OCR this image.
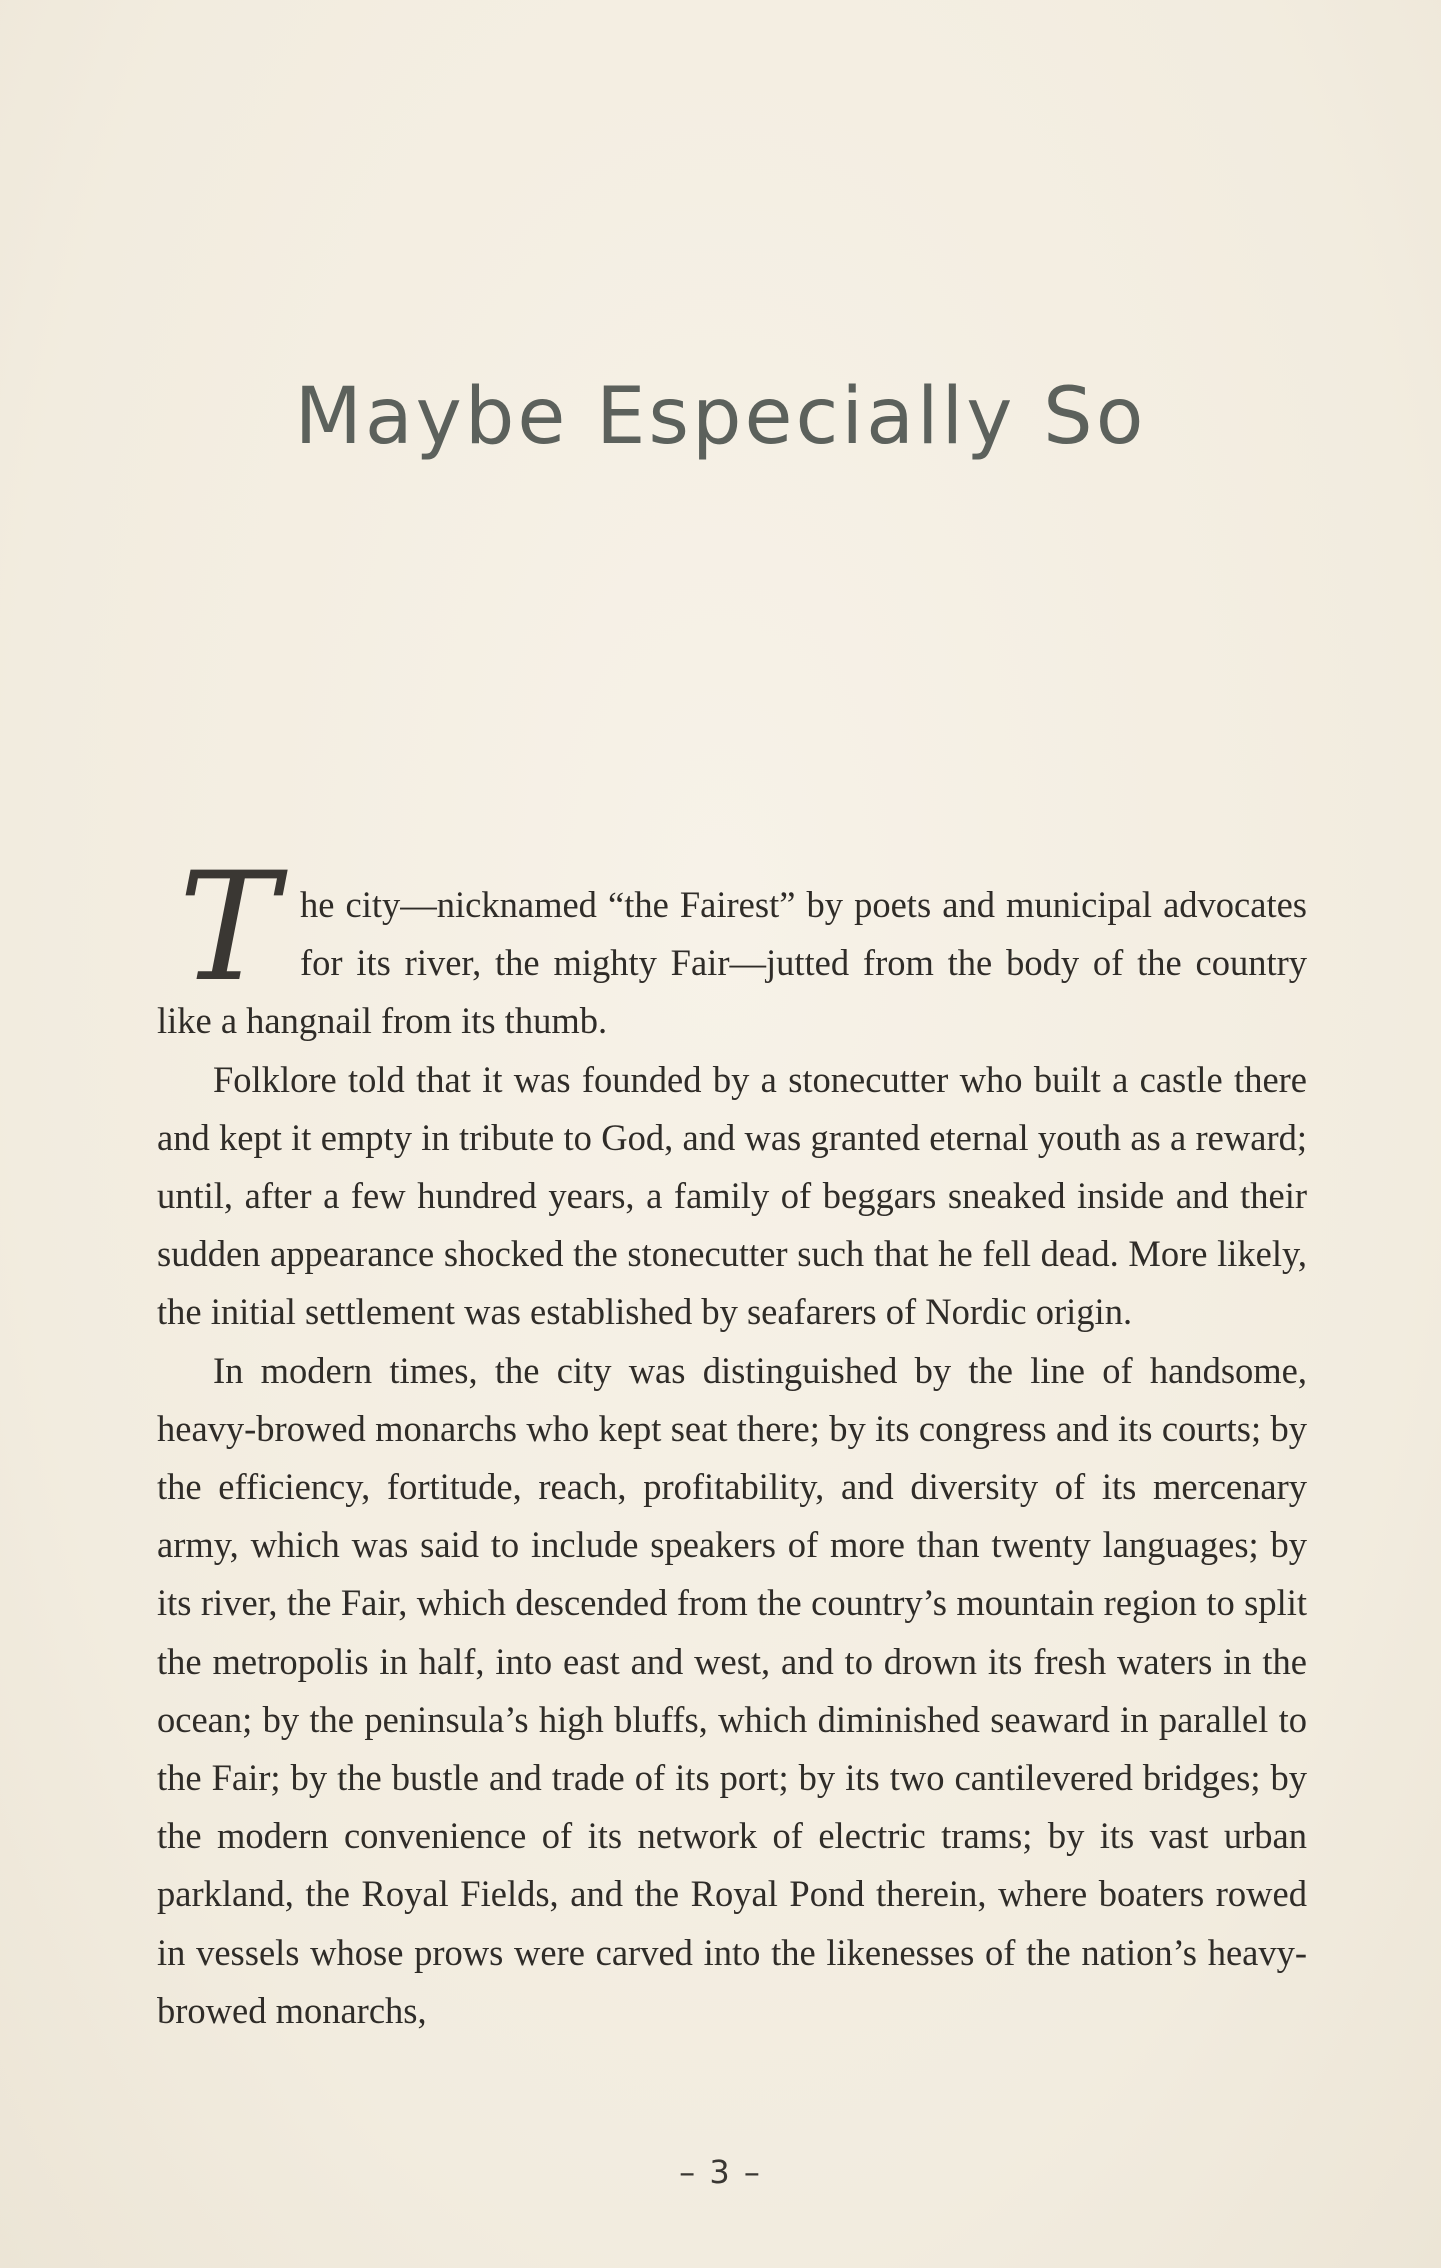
Maybe Especially So

The city—nicknamed “the Fairest” by poets and municipal advocates for its river, the mighty Fair—jutted from the body of the country like a hangnail from its thumb.

Folklore told that it was founded by a stonecutter who built a castle there and kept it empty in tribute to God, and was granted eternal youth as a reward; until, after a few hundred years, a family of beggars sneaked inside and their sudden appearance shocked the stonecutter such that he fell dead. More likely, the initial settlement was established by seafarers of Nordic origin.

In modern times, the city was distinguished by the line of handsome, heavy-browed monarchs who kept seat there; by its congress and its courts; by the efficiency, fortitude, reach, profitability, and diversity of its mercenary army, which was said to include speakers of more than twenty languages; by its river, the Fair, which descended from the country’s mountain region to split the metropolis in half, into east and west, and to drown its fresh waters in the ocean; by the peninsula’s high bluffs, which diminished seaward in parallel to the Fair; by the bustle and trade of its port; by its two cantilevered bridges; by the modern convenience of its network of electric trams; by its vast urban parkland, the Royal Fields, and the Royal Pond therein, where boaters rowed in vessels whose prows were carved into the likenesses of the nation’s heavy-browed monarchs,

– 3 –
